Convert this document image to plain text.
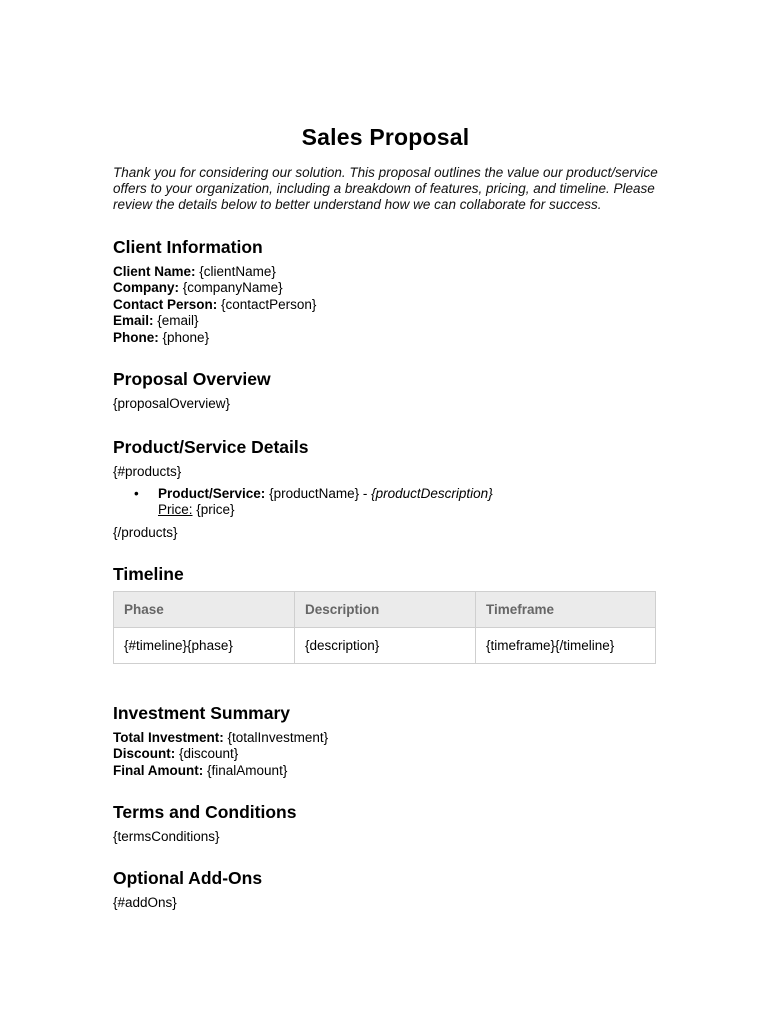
Sales Proposal

Thank you for considering our solution. This proposal outlines the value our product/service offers to your organization, including a breakdown of features, pricing, and timeline. Please review the details below to better understand how we can collaborate for success.

Client Information
Client Name: {clientName}
Company: {companyName}
Contact Person: {contactPerson}
Email: {email}
Phone: {phone}
Proposal Overview
{proposalOverview}
Product/Service Details
{#products}
• Product/Service: {productName} - {productDescription}
Price: {price}
{/products}
Timeline
Phase	Description	Timeframe
{#timeline}{phase}	{description}	{timeframe}{/timeline}
Investment Summary
Total Investment: {totalInvestment}
Discount: {discount}
Final Amount: {finalAmount}
Terms and Conditions
{termsConditions}
Optional Add-Ons
{#addOns}
